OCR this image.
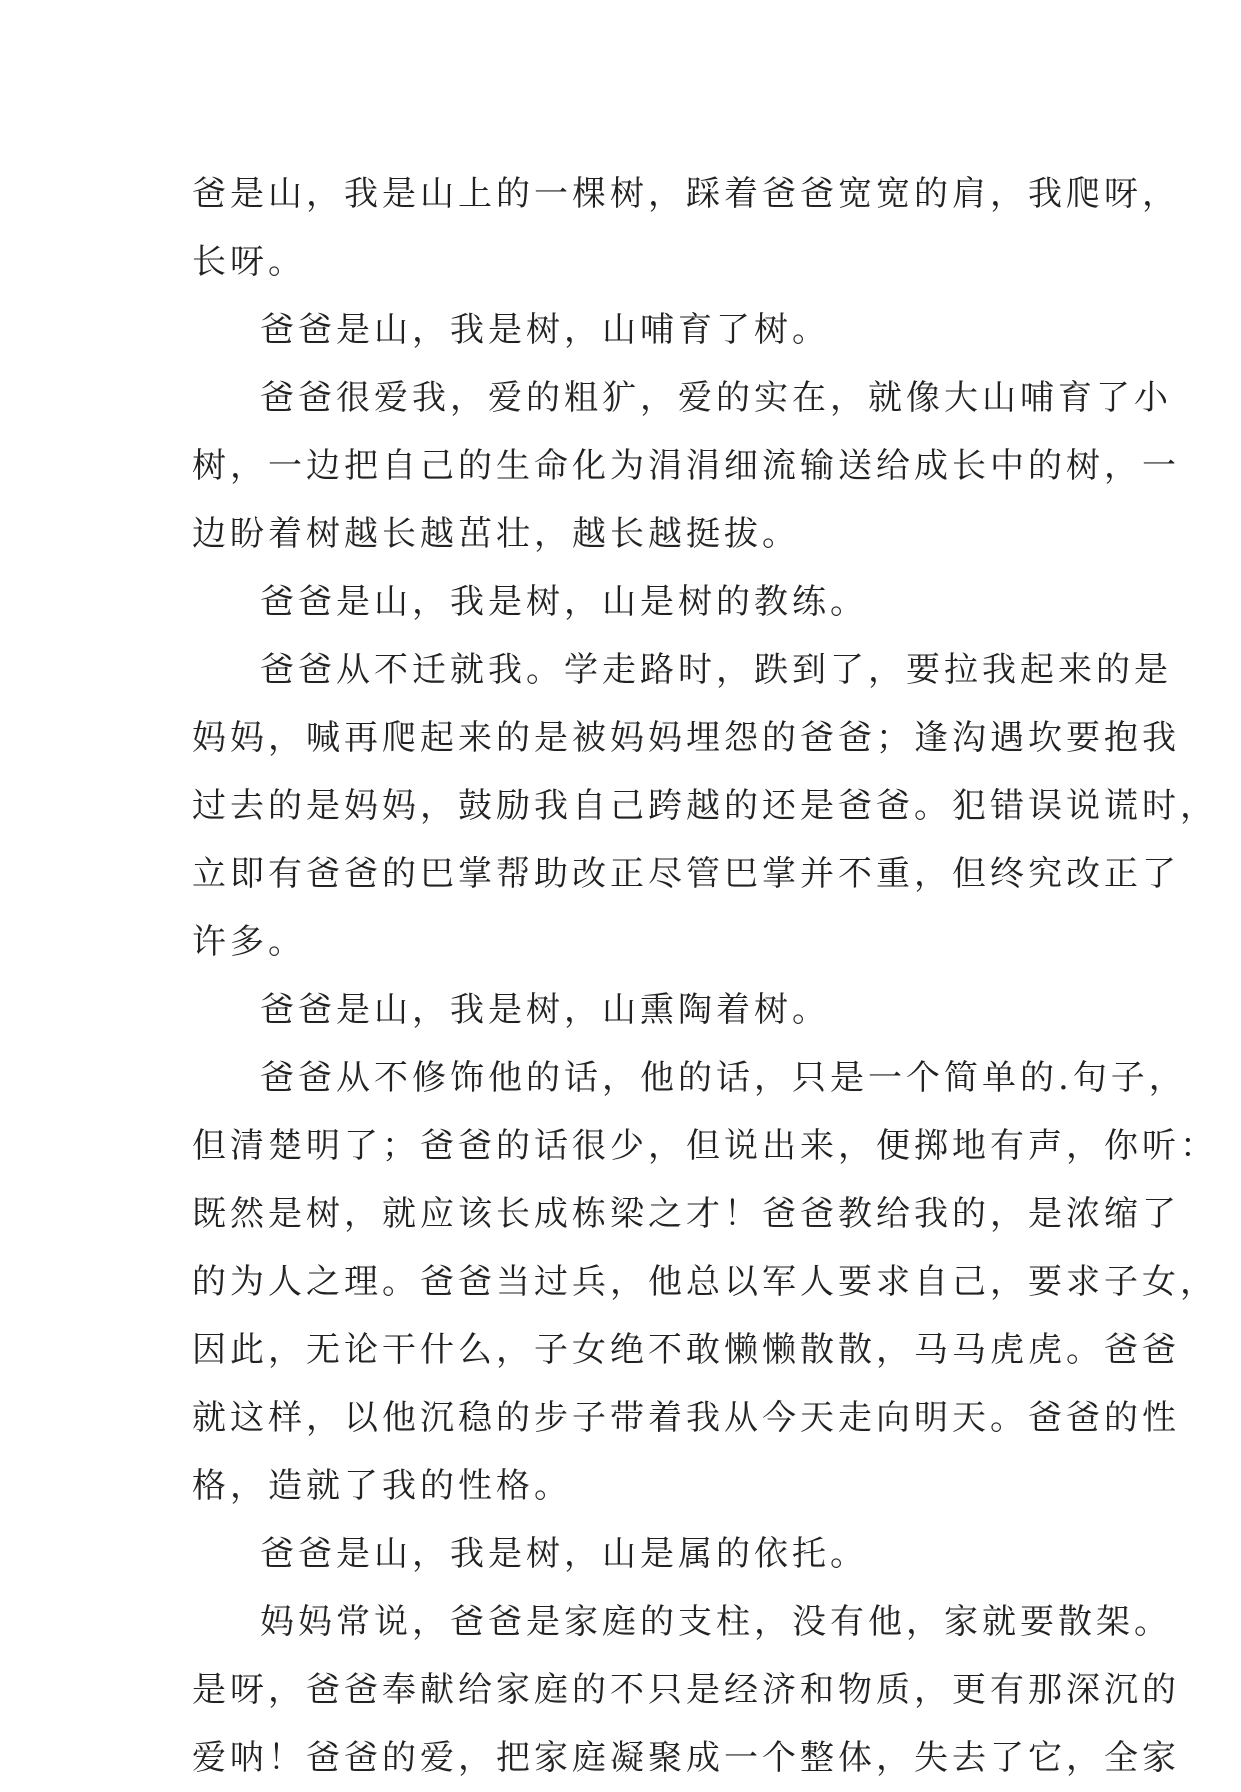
爸是山，我是山上的一棵树，踩着爸爸宽宽的肩，我爬呀，
长呀。
爸爸是山，我是树，山哺育了树。
爸爸很爱我，爱的粗犷，爱的实在，就像大山哺育了小
树，一边把自己的生命化为涓涓细流输送给成长中的树，一
边盼着树越长越茁壮，越长越挺拔。
爸爸是山，我是树，山是树的教练。
爸爸从不迁就我。学走路时，跌到了，要拉我起来的是
妈妈，喊再爬起来的是被妈妈埋怨的爸爸；逢沟遇坎要抱我
过去的是妈妈，鼓励我自己跨越的还是爸爸。犯错误说谎时，
立即有爸爸的巴掌帮助改正尽管巴掌并不重，但终究改正了
许多。
爸爸是山，我是树，山熏陶着树。
爸爸从不修饰他的话，他的话，只是一个简单的.句子，
但清楚明了；爸爸的话很少，但说出来，便掷地有声，你听：
既然是树，就应该长成栋梁之才！爸爸教给我的，是浓缩了
的为人之理。爸爸当过兵，他总以军人要求自己，要求子女，
因此，无论干什么，子女绝不敢懒懒散散，马马虎虎。爸爸
就这样，以他沉稳的步子带着我从今天走向明天。爸爸的性
格，造就了我的性格。
爸爸是山，我是树，山是属的依托。
妈妈常说，爸爸是家庭的支柱，没有他，家就要散架。
是呀，爸爸奉献给家庭的不只是经济和物质，更有那深沉的
爱呐！爸爸的爱，把家庭凝聚成一个整体，失去了它，全家
